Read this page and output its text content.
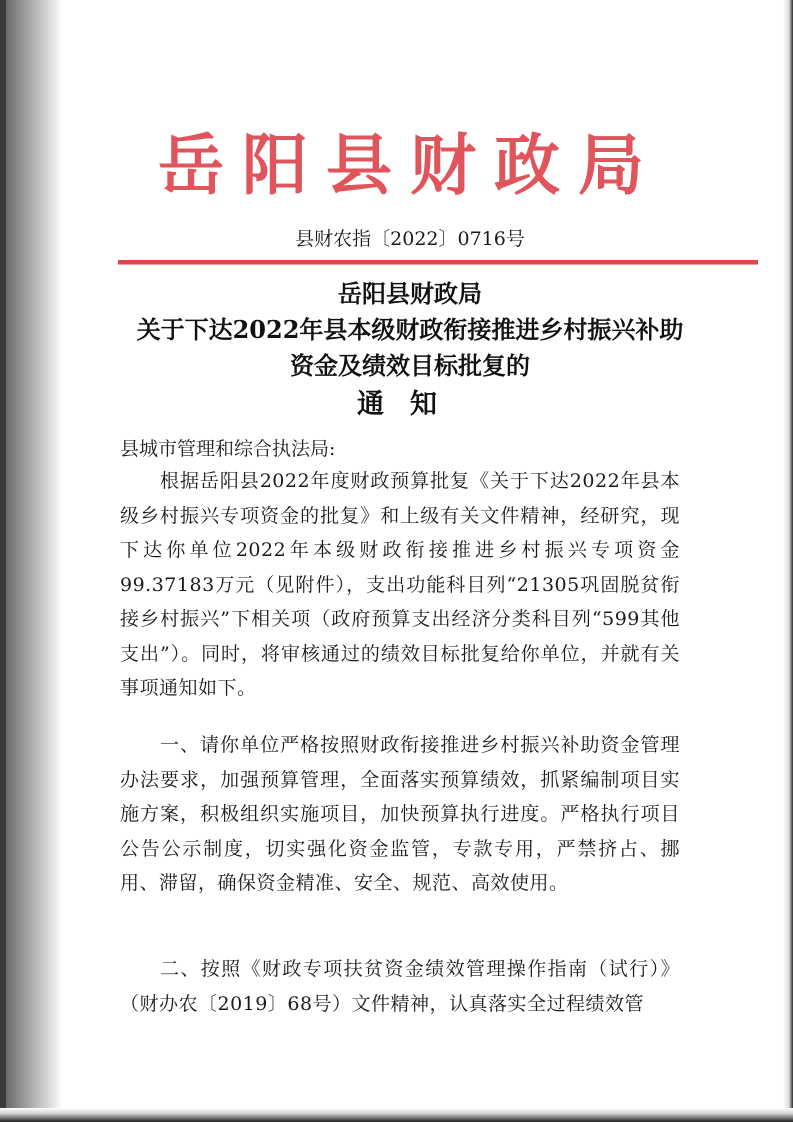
岳阳县财政局
县财农指〔2022〕0716号
岳阳县财政局
关于下达2022年县本级财政衔接推进乡村振兴补助
资金及绩效目标批复的
通知
县城市管理和综合执法局:
根据岳阳县2022年度财政预算批复《关于下达2022年县本级乡村振兴专项资金的批复》和上级有关文件精神，经研究，现下达你单位2022年本级财政衔接推进乡村振兴专项资金99.37183万元（见附件），支出功能科目列“21305巩固脱贫衔接乡村振兴”下相关项（政府预算支出经济分类科目列“599其他支出”）。同时，将审核通过的绩效目标批复给你单位，并就有关事项通知如下。
一、请你单位严格按照财政衔接推进乡村振兴补助资金管理办法要求，加强预算管理，全面落实预算绩效，抓紧编制项目实施方案，积极组织实施项目，加快预算执行进度。严格执行项目公告公示制度，切实强化资金监管，专款专用，严禁挤占、挪用、滞留，确保资金精准、安全、规范、高效使用。
二、按照《财政专项扶贫资金绩效管理操作指南（试行）》（财办农〔2019〕68号）文件精神，认真落实全过程绩效管
